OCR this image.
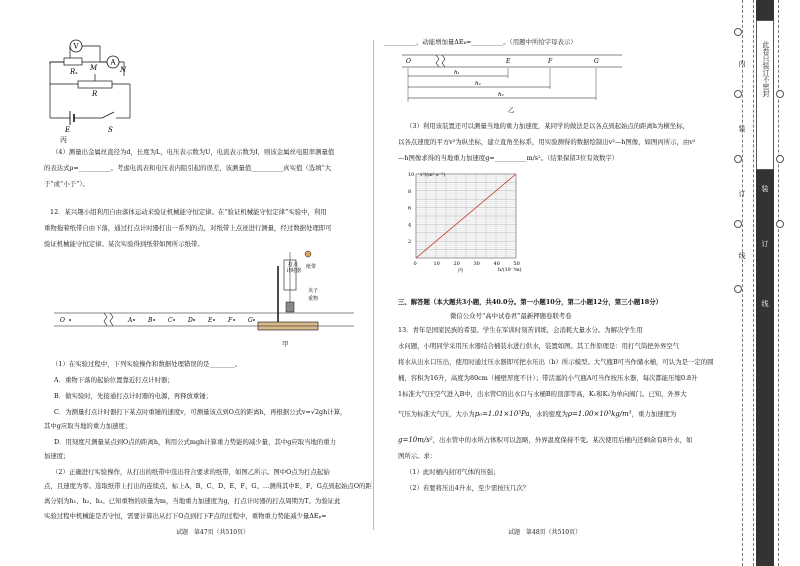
V
A
Rₓ M	N
R
E	S
丙
（4）测量出金属丝直径为d，长度为L，电压表示数为U，电流表示数为I，则该金属丝电阻率测量值
的表达式ρ=__________。考虑电流表和电压表内阻引起的误差，该测量值__________真实值（选填“大
于”或“小于”）。
12．某兴趣小组利用自由落体运动来验证机械能守恒定律。在“验证机械能守恒定律”实验中，利用
重物拖着纸带自由下落，通过打点计时器打出一系列的点，对纸带上点迹进行测量，经过数据处理即可
验证机械能守恒定律。某次实验得到纸带如图所示纸带。
打点
计时器
纸带
夹子
重物
甲
O	A	B	C	D	E	F	G
（1）在实验过程中，下列实验操作和数据处理错误的是________。
A．重物下落的起始位置靠近打点计时器；
B．做实验时，先接通打点计时器的电源，再释放重锤；
C．为测量打点计时器打下某点时重锤的速度v，可测量该点到O点的距离h，再根据公式v=√2gh计算，
其中g应取当地的重力加速度；
D．用刻度尺测量某点到O点的距离h，利用公式mgh计算重力势能的减少量，其中g应取当地的重力
加速度；
（2）正确进行实验操作，从打出的纸带中选出符合要求的纸带，如图乙所示。图中O点为打点起始
点，且速度为零。选取纸带上打出的连续点，标上A、B、C、D、E、F、G、…测得其中E、F、G点到起始点O的距
离分别为h₁、h₂、h₃。已知重物的质量为m，当地重力加速度为g，打点计时器的打点周期为T。为验证此
实验过程中机械能是否守恒，需要计算出从打下O点到打下F点的过程中，重物重力势能减少量ΔEₚ=
试题　第47页（共510页）
__________，动能增加量ΔEₖ=__________。（用题中所给字母表示）
O	E	F	G
h₁
h₂
h₃
乙
（3）利用该装置还可以测量当地的重力加速度，某同学的做法是以各点到起始点的距离h为横坐标，
以各点速度的平方v²为纵坐标，建立直角坐标系，用实验测得的数据绘制出v²—h图像，如图丙所示，由v²
—h图像求得的当地重力加速度g=__________m/s²。（结果保留3位有效数字）
0	10	20	30	40	50
2
4
6
8
10 v²/(m²·s⁻²)
h/(10⁻²m)
丙
三、解答题（本大题共3小题，共40.0分。第一小题10分，第二小题12分，第三小题18分）
微信公众号“高中试卷君”最新押题卷联考卷
13．青年是国家民族的希望。学生在军训时刻苦训练，会消耗大量水分。为解决学生用
水问题，小明同学采用压水器结合桶装水进行供水，装置如图。其工作原理是：用打气筒把外界空气
将水从出水口压出，使用时通过压水器即可把水压出（b）所示模型。大气瓶B可当作储水桶，可认为是一定的圆
桶，容积为16升，高度为80cm（桶壁厚度不计）；带活塞的小气瓶A可当作按压水器，每次都能压缩0.8升
1标准大气压空气进入B中，出水管C的出水口与水桶B的顶部等高，K₁和K₂为单向阀门。已知，外界大
气压为标准大气压，大小为p₀=1.01×10⁵Pa，水的密度为ρ=1.00×10³kg/m³，重力加速度为
g=10m/s²，出水管中的水所占体积可以忽略，外界温度保持不变。某次使用后桶内还剩余有8升水，如
图所示。求：
（1）此时桶内封闭气体的压强；
（2）若要将压出4升水，至少需按压几次？
试题　第48页（共510页）
此卷只装订不密封
内
装
订
线
装
订
线
